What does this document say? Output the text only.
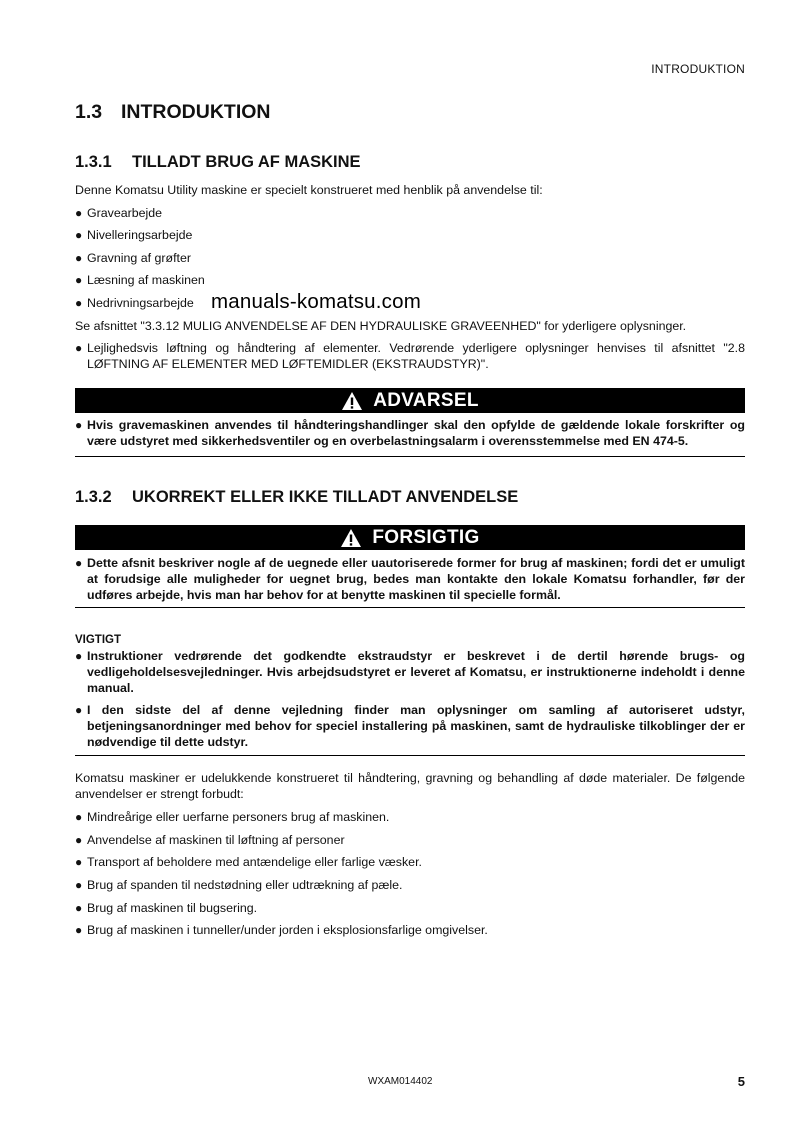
INTRODUKTION
1.3 INTRODUKTION
1.3.1 TILLADT BRUG AF MASKINE
Denne Komatsu Utility maskine er specielt konstrueret med henblik på anvendelse til:
● Gravearbejde
● Nivelleringsarbejde
● Gravning af grøfter
● Læsning af maskinen
● Nedrivningsarbejde manuals-komatsu.com
Se afsnittet "3.3.12 MULIG ANVENDELSE AF DEN HYDRAULISKE GRAVEENHED" for yderligere oplysninger.
● Lejlighedsvis løftning og håndtering af elementer. Vedrørende yderligere oplysninger henvises til afsnittet "2.8 LØFTNING AF ELEMENTER MED LØFTEMIDLER (EKSTRAUDSTYR)".
ADVARSEL
● Hvis gravemaskinen anvendes til håndteringshandlinger skal den opfylde de gældende lokale forskrifter og være udstyret med sikkerhedsventiler og en overbelastningsalarm i overensstemmelse med EN 474-5.
1.3.2 UKORREKT ELLER IKKE TILLADT ANVENDELSE
FORSIGTIG
● Dette afsnit beskriver nogle af de uegnede eller uautoriserede former for brug af maskinen; fordi det er umuligt at forudsige alle muligheder for uegnet brug, bedes man kontakte den lokale Komatsu forhandler, før der udføres arbejde, hvis man har behov for at benytte maskinen til specielle formål.
VIGTIGT
● Instruktioner vedrørende det godkendte ekstraudstyr er beskrevet i de dertil hørende brugs- og vedligeholdelsesvejledninger. Hvis arbejdsudstyret er leveret af Komatsu, er instruktionerne indeholdt i denne manual.
● I den sidste del af denne vejledning finder man oplysninger om samling af autoriseret udstyr, betjeningsanordninger med behov for speciel installering på maskinen, samt de hydrauliske tilkoblinger der er nødvendige til dette udstyr.
Komatsu maskiner er udelukkende konstrueret til håndtering, gravning og behandling af døde materialer. De følgende anvendelser er strengt forbudt:
● Mindreårige eller uerfarne personers brug af maskinen.
● Anvendelse af maskinen til løftning af personer
● Transport af beholdere med antændelige eller farlige væsker.
● Brug af spanden til nedstødning eller udtrækning af pæle.
● Brug af maskinen til bugsering.
● Brug af maskinen i tunneller/under jorden i eksplosionsfarlige omgivelser.
WXAM014402	5
